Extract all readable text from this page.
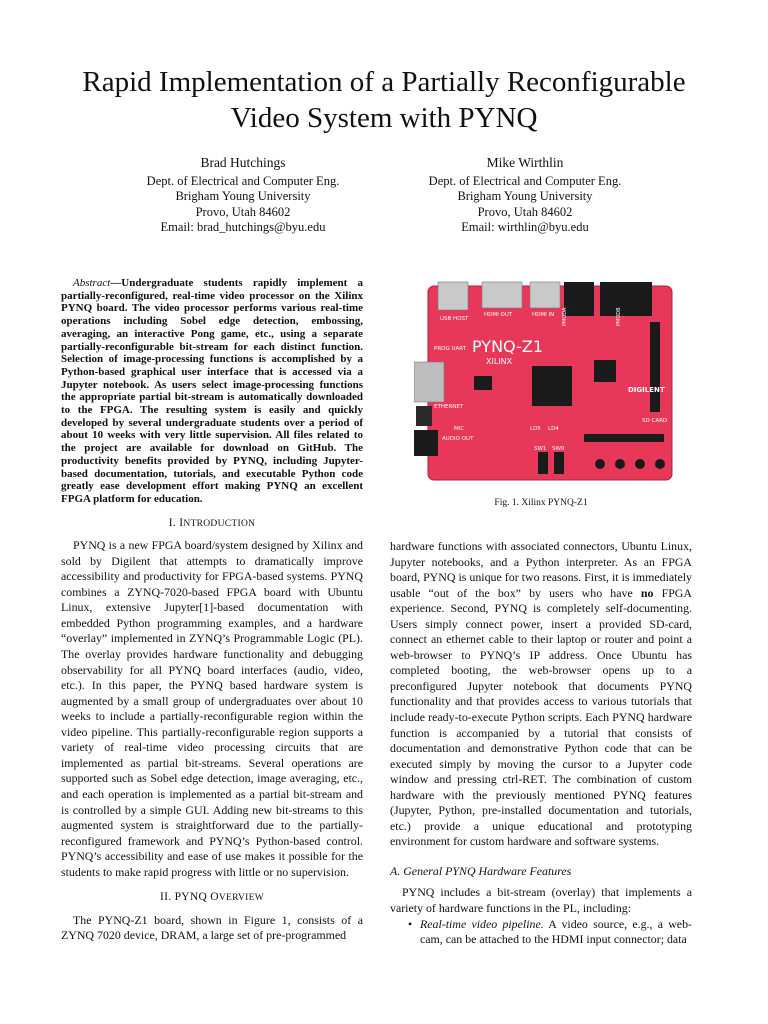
Rapid Implementation of a Partially Reconfigurable
Video System with PYNQ
Brad Hutchings
Dept. of Electrical and Computer Eng.
Brigham Young University
Provo, Utah 84602
Email: brad_hutchings@byu.edu
Mike Wirthlin
Dept. of Electrical and Computer Eng.
Brigham Young University
Provo, Utah 84602
Email: wirthlin@byu.edu

Abstract—Undergraduate students rapidly implement a partially-reconfigured, real-time video processor on the Xilinx PYNQ board. The video processor performs various real-time operations including Sobel edge detection, embossing, averaging, an interactive Pong game, etc., using a separate partially-reconfigurable bit-stream for each distinct function. Selection of image-processing functions is accomplished by a Python-based graphical user interface that is accessed via a Jupyter notebook. As users select image-processing functions the appropriate partial bit-stream is automatically downloaded to the FPGA. The resulting system is easily and quickly developed by several undergraduate students over a period of about 10 weeks with very little supervision. All files related to the project are available for download on GitHub. The productivity benefits provided by PYNQ, including Jupyter-based documentation, tutorials, and executable Python code greatly ease development effort making PYNQ an excellent FPGA platform for education.

I. INTRODUCTION

PYNQ is a new FPGA board/system designed by Xilinx and sold by Digilent that attempts to dramatically improve accessibility and productivity for FPGA-based systems. PYNQ combines a ZYNQ-7020-based FPGA board with Ubuntu Linux, extensive Jupyter[1]-based documentation with embedded Python programming examples, and a hardware “overlay” implemented in ZYNQ’s Programmable Logic (PL). The overlay provides hardware functionality and debugging observability for all PYNQ board interfaces (audio, video, etc.). In this paper, the PYNQ based hardware system is augmented by a small group of undergraduates over about 10 weeks to include a partially-reconfigurable region within the video pipeline. This partially-reconfigurable region supports a variety of real-time video processing circuits that are implemented as partial bit-streams. Several operations are supported such as Sobel edge detection, image averaging, etc., and each operation is implemented as a partial bit-stream and is controlled by a simple GUI. Adding new bit-streams to this augmented system is straightforward due to the partially-reconfigured framework and PYNQ’s Python-based control. PYNQ’s accessibility and ease of use makes it possible for the students to make rapid progress with little or no supervision.

II. PYNQ OVERVIEW

The PYNQ-Z1 board, shown in Figure 1, consists of a ZYNQ 7020 device, DRAM, a large set of pre-programmed

USB HOST
HDMI OUT	HDMI IN
PROG UART
ETHERNET
MIC
AUDIO OUT
SD CARD
SW1 SW0
LD5 LD4
PYNQ-Z1
XILINX
DIGILENT
PMODA	PMODB
Fig. 1. Xilinx PYNQ-Z1

hardware functions with associated connectors, Ubuntu Linux, Jupyter notebooks, and a Python interpreter. As an FPGA board, PYNQ is unique for two reasons. First, it is immediately usable “out of the box” by users who have no FPGA experience. Second, PYNQ is completely self-documenting. Users simply connect power, insert a provided SD-card, connect an ethernet cable to their laptop or router and point a web-browser to PYNQ’s IP address. Once Ubuntu has completed booting, the web-browser opens up to a preconfigured Jupyter notebook that documents PYNQ functionality and that provides access to various tutorials that include ready-to-execute Python scripts. Each PYNQ hardware function is accompanied by a tutorial that consists of documentation and demonstrative Python code that can be executed simply by moving the cursor to a Jupyter code window and pressing ctrl-RET. The combination of custom hardware with the previously mentioned PYNQ features (Jupyter, Python, pre-installed documentation and tutorials, etc.) provide a unique educational and prototyping environment for custom hardware and software systems.

A. General PYNQ Hardware Features

PYNQ includes a bit-stream (overlay) that implements a variety of hardware functions in the PL, including:

• Real-time video pipeline. A video source, e.g., a web-cam, can be attached to the HDMI input connector; data
